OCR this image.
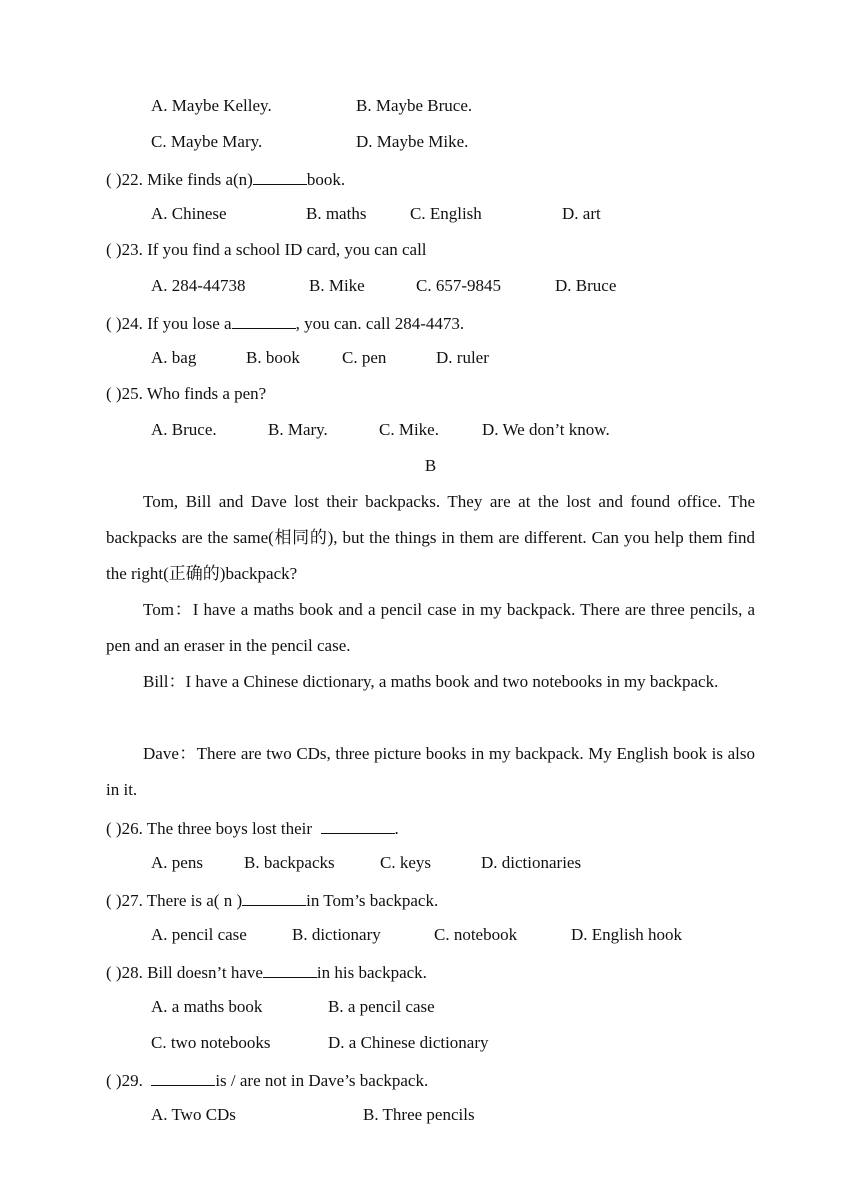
A. Maybe Kelley.	B. Maybe Bruce.
C. Maybe Mary.	D. Maybe Mike.
( )22. Mike finds a(n)	book.
A. Chinese	B. maths	C. English	D. art
( )23. If you find a school ID card, you can call
A. 284-44738	B. Mike	C. 657-9845	D. Bruce
( )24. If you lose a	, you can. call 284-4473.
A. bag	B. book C. pen	D. ruler
( )25. Who finds a pen?
A. Bruce.	B. Mary.	C. Mike.	D. We don’t know.
B
Tom, Bill and Dave lost their backpacks. They are at the lost and found office. The backpacks are the same(相同的), but the things in them are different. Can you help them find the right(正确的)backpack?
Tom：I have a maths book and a pencil case in my backpack. There are three pencils, a pen and an eraser in the pencil case.
Bill：I have a Chinese dictionary, a maths book and two notebooks in my backpack.
Dave：There are two CDs, three picture books in my backpack. My English book is also in it.
( )26. The three boys lost their	.
A. pens B. backpacks	C. keys	D. dictionaries
( )27. There is a( n )	in Tom’s backpack.
A. pencil case	B. dictionary	C. notebook	D. English hook
( )28. Bill doesn’t have	in his backpack.
A. a maths book	B. a pencil case
C. two notebooks	D. a Chinese dictionary
( )29.	is / are not in Dave’s backpack.
A. Two CDs	B. Three pencils
